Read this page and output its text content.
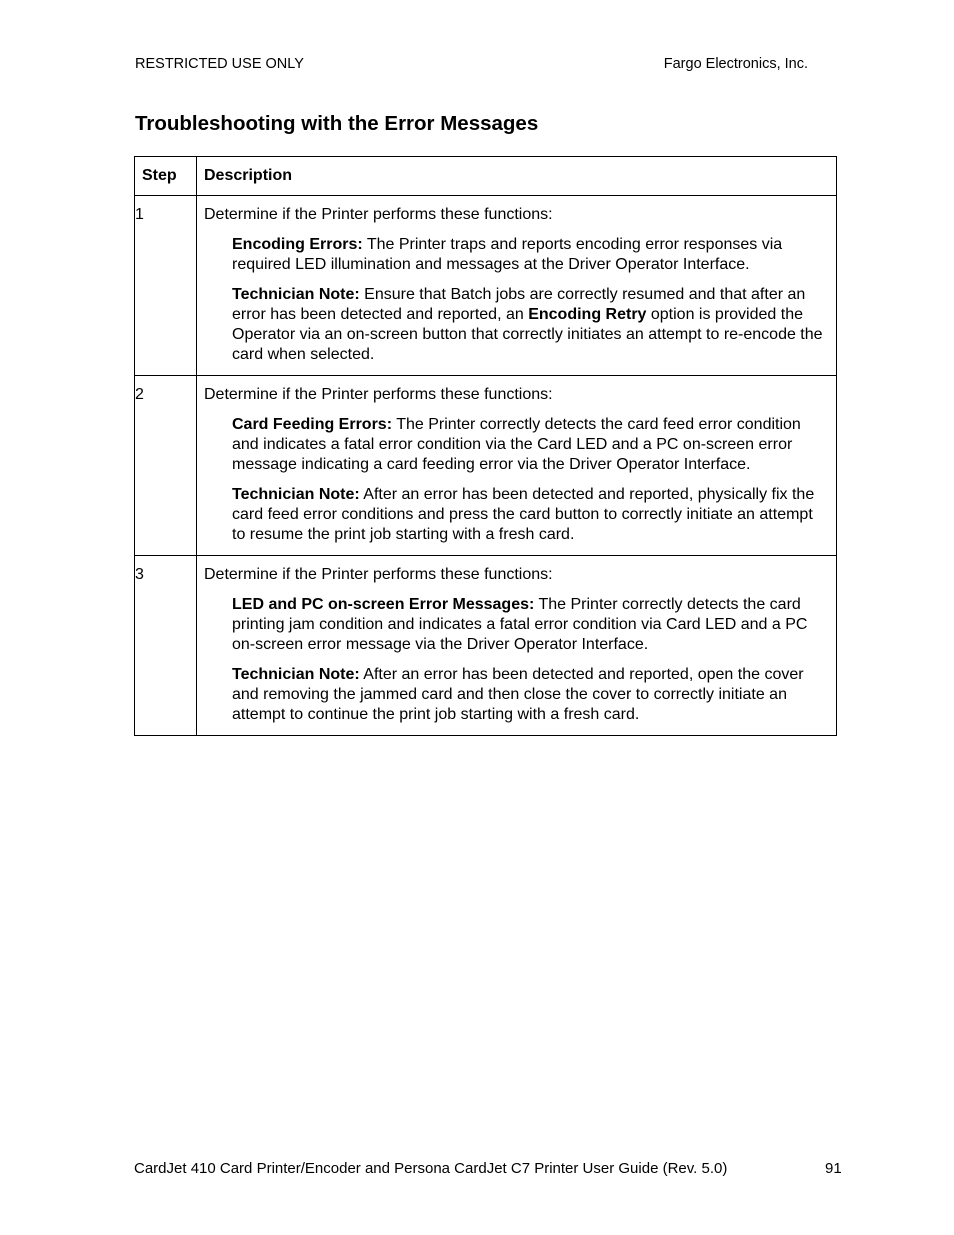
RESTRICTED USE ONLY	Fargo Electronics, Inc.
Troubleshooting with the Error Messages
Step	Description
1	Determine if the Printer performs these functions:

Encoding Errors: The Printer traps and reports encoding error responses via required LED illumination and messages at the Driver Operator Interface.

Technician Note: Ensure that Batch jobs are correctly resumed and that after an error has been detected and reported, an Encoding Retry option is provided the Operator via an on-screen button that correctly initiates an attempt to re-encode the card when selected.

2	Determine if the Printer performs these functions:

Card Feeding Errors: The Printer correctly detects the card feed error condition and indicates a fatal error condition via the Card LED and a PC on-screen error message indicating a card feeding error via the Driver Operator Interface.

Technician Note: After an error has been detected and reported, physically fix the card feed error conditions and press the card button to correctly initiate an attempt to resume the print job starting with a fresh card.

3	Determine if the Printer performs these functions:

LED and PC on-screen Error Messages: The Printer correctly detects the card printing jam condition and indicates a fatal error condition via Card LED and a PC on-screen error message via the Driver Operator Interface.

Technician Note: After an error has been detected and reported, open the cover and removing the jammed card and then close the cover to correctly initiate an attempt to continue the print job starting with a fresh card.

CardJet 410 Card Printer/Encoder and Persona CardJet C7 Printer User Guide (Rev. 5.0)	91
